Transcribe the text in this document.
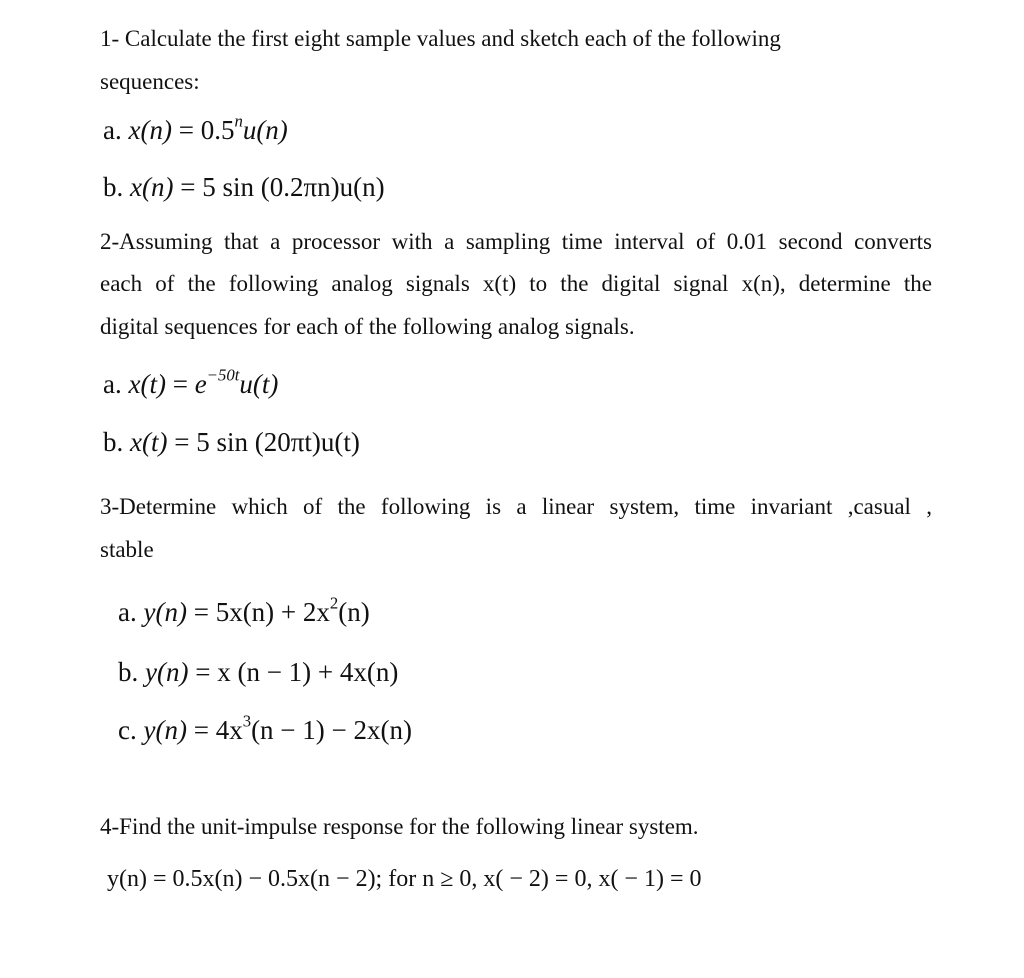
1- Calculate the first eight sample values and sketch each of the following
sequences:
a. $x(n) = 0.5^nu(n)$
b. x(n) = 5 sin (0.2πn)u(n)
2-Assuming that a processor with a sampling time interval of 0.01 second converts
each of the following analog signals x(t) to the digital signal x(n), determine the
digital sequences for each of the following analog signals.
a. $x(t) = e^{-50t}u(t)$
b. x(t) = 5 sin (20πt)u(t)
3-Determine which of the following is a linear system, time invariant ,casual ,
stable
a. $y(n) = 5x(n) + 2x^2(n)$
b. y(n) = x (n − 1) + 4x(n)
c. $y(n) = 4x^3(n - 1) - 2x(n)$
4-Find the unit-impulse response for the following linear system.
y(n) = 0.5x(n) − 0.5x(n − 2); for n ≥ 0, x( − 2) = 0, x( − 1) = 0
